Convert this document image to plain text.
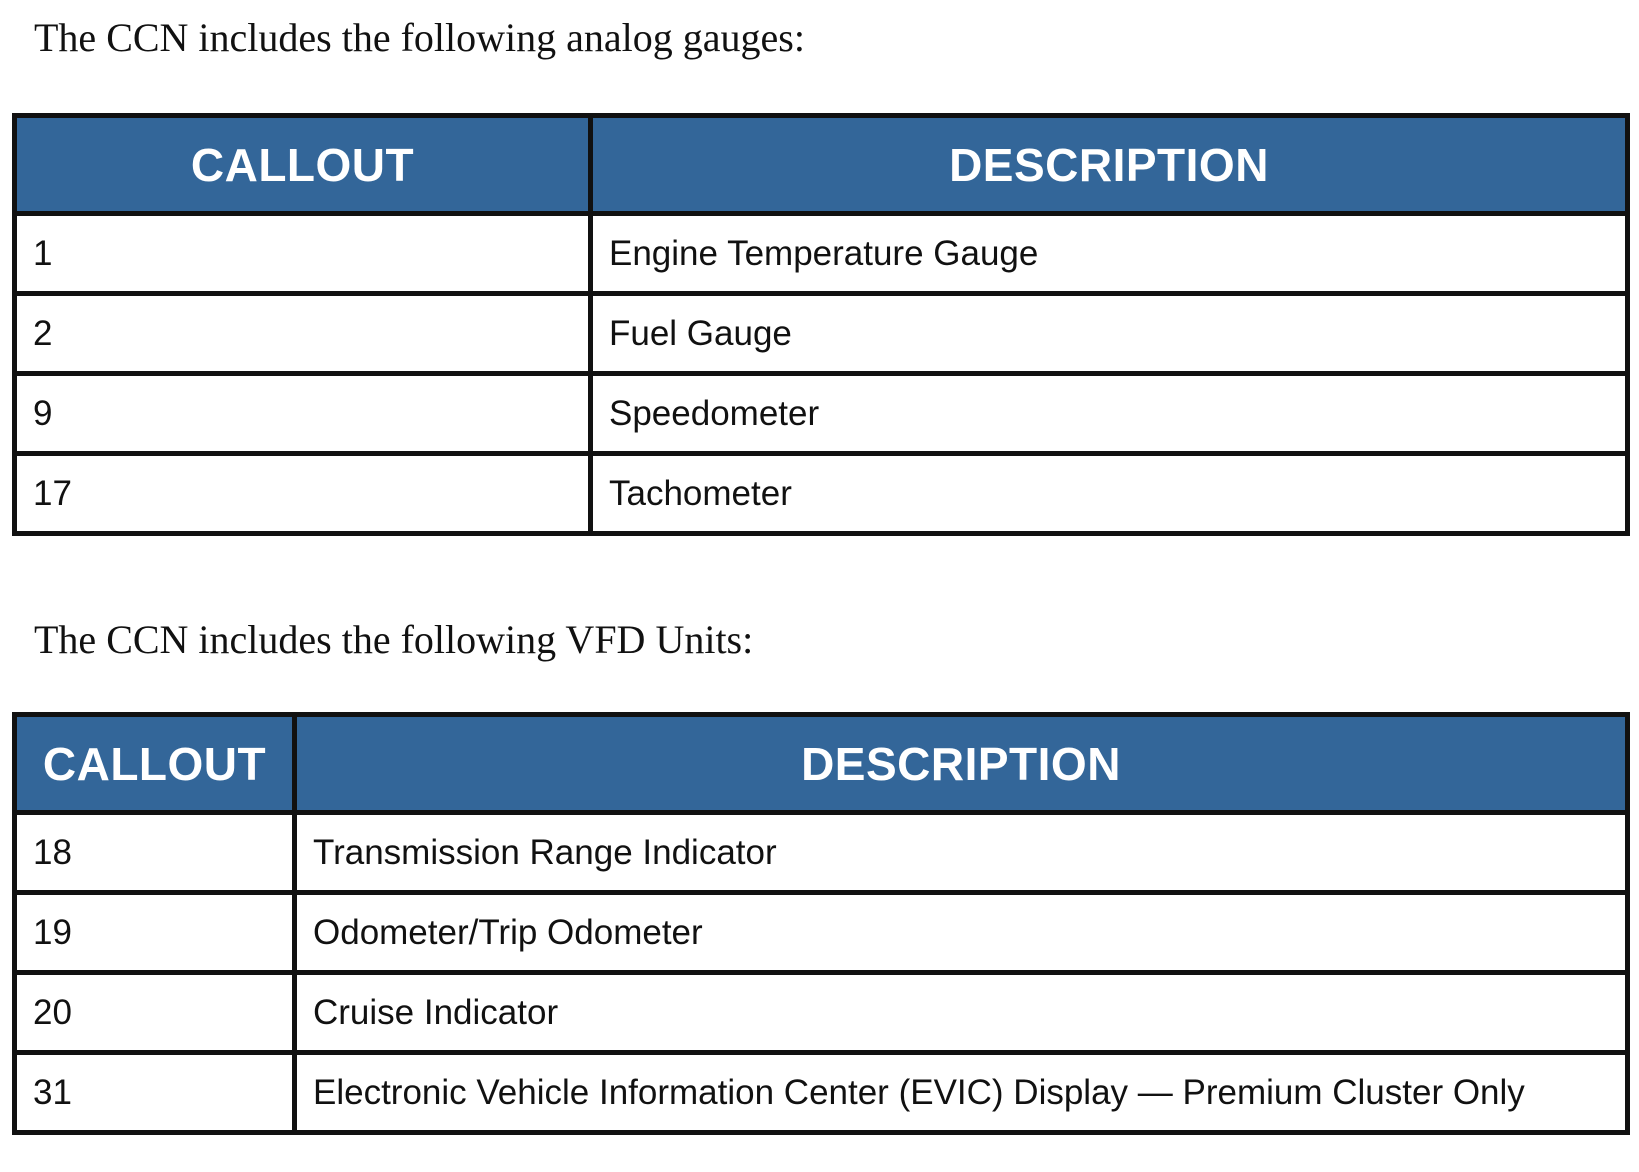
The CCN includes the following analog gauges:

CALLOUT	DESCRIPTION
1	Engine Temperature Gauge
2	Fuel Gauge
9	Speedometer
17	Tachometer

The CCN includes the following VFD Units:

CALLOUT	DESCRIPTION
18	Transmission Range Indicator
19	Odometer/Trip Odometer
20	Cruise Indicator
31	Electronic Vehicle Information Center (EVIC) Display — Premium Cluster Only
